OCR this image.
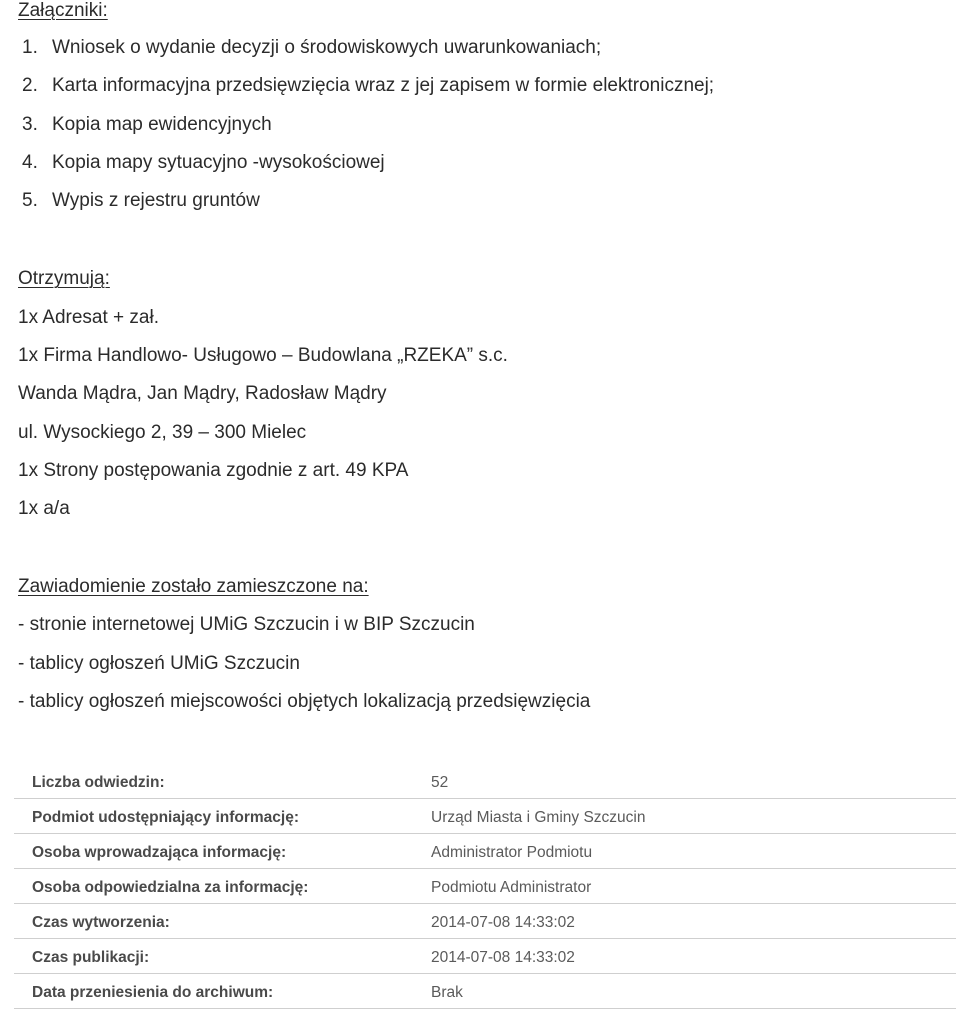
Załączniki:
1. Wniosek o wydanie decyzji o środowiskowych uwarunkowaniach;
2. Karta informacyjna przedsięwzięcia wraz z jej zapisem w formie elektronicznej;
3. Kopia map ewidencyjnych
4. Kopia mapy sytuacyjno -wysokościowej
5. Wypis z rejestru gruntów
Otrzymują:
1x Adresat + zał.
1x Firma Handlowo- Usługowo – Budowlana „RZEKA” s.c.
Wanda Mądra, Jan Mądry, Radosław Mądry
ul. Wysockiego 2, 39 – 300 Mielec
1x Strony postępowania zgodnie z art. 49 KPA
1x a/a
Zawiadomienie zostało zamieszczone na:
- stronie internetowej UMiG Szczucin i w BIP Szczucin
- tablicy ogłoszeń UMiG Szczucin
- tablicy ogłoszeń miejscowości objętych lokalizacją przedsięwzięcia
Liczba odwiedzin:	52
Podmiot udostępniający informację:	Urząd Miasta i Gminy Szczucin
Osoba wprowadzająca informację:	Administrator Podmiotu
Osoba odpowiedzialna za informację:	Podmiotu Administrator
Czas wytworzenia:	2014-07-08 14:33:02
Czas publikacji:	2014-07-08 14:33:02
Data przeniesienia do archiwum:	Brak
